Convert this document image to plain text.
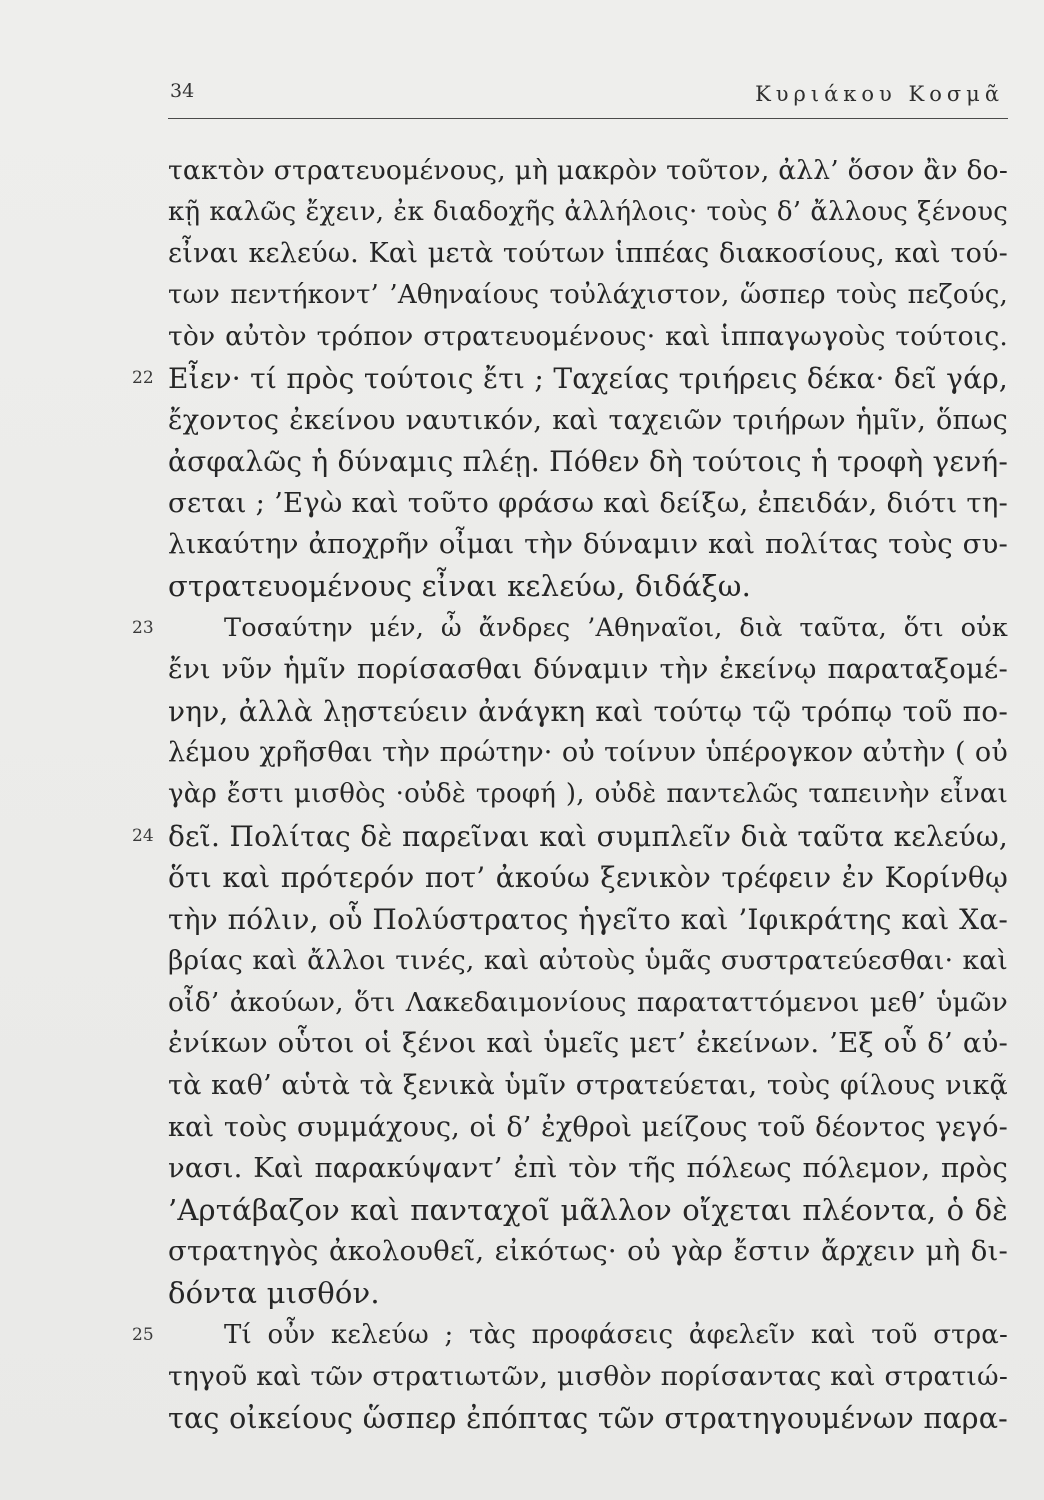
34	Κυριάκου Κοσμᾶ
τακτὸν στρατευομένους, μὴ μακρὸν τοῦτον, ἀλλ’ ὅσον ἂν δο-
κῇ καλῶς ἔχειν, ἐκ διαδοχῆς ἀλλήλοις· τοὺς δ’ ἄλλους ξένους
εἶναι κελεύω. Καὶ μετὰ τούτων ἱππέας διακοσίους, καὶ τού-
των πεντήκοντ’ ’Αθηναίους τοὐλάχιστον, ὥσπερ τοὺς πεζούς,
τὸν αὐτὸν τρόπον στρατευομένους· καὶ ἱππαγωγοὺς τούτοις.
22 Εἶεν· τί πρὸς τούτοις ἔτι ; Ταχείας τριήρεις δέκα· δεῖ γάρ,
ἔχοντος ἐκείνου ναυτικόν, καὶ ταχειῶν τριήρων ἡμῖν, ὅπως
ἀσφαλῶς ἡ δύναμις πλέῃ. Πόθεν δὴ τούτοις ἡ τροφὴ γενή-
σεται ; ’Εγὼ καὶ τοῦτο φράσω καὶ δείξω, ἐπειδάν, διότι τη-
λικαύτην ἀποχρῆν οἶμαι τὴν δύναμιν καὶ πολίτας τοὺς συ-
στρατευομένους εἶναι κελεύω, διδάξω.
23	Τοσαύτην μέν, ὦ ἄνδρες ’Αθηναῖοι, διὰ ταῦτα, ὅτι οὐκ
ἔνι νῦν ἡμῖν πορίσασθαι δύναμιν τὴν ἐκείνῳ παραταξομέ-
νην, ἀλλὰ λῃστεύειν ἀνάγκη καὶ τούτῳ τῷ τρόπῳ τοῦ πο-
λέμου χρῆσθαι τὴν πρώτην· οὐ τοίνυν ὑπέρογκον αὐτὴν ( οὐ
γὰρ ἔστι μισθὸς ·οὐδὲ τροφή ), οὐδὲ παντελῶς ταπεινὴν εἶναι
24 δεῖ. Πολίτας δὲ παρεῖναι καὶ συμπλεῖν διὰ ταῦτα κελεύω,
ὅτι καὶ πρότερόν ποτ’ ἀκούω ξενικὸν τρέφειν ἐν Κορίνθῳ
τὴν πόλιν, οὗ Πολύστρατος ἡγεῖτο καὶ ’Ιφικράτης καὶ Χα-
βρίας καὶ ἄλλοι τινές, καὶ αὐτοὺς ὑμᾶς συστρατεύεσθαι· καὶ
οἶδ’ ἀκούων, ὅτι Λακεδαιμονίους παραταττόμενοι μεθ’ ὑμῶν
ἐνίκων οὗτοι οἱ ξένοι καὶ ὑμεῖς μετ’ ἐκείνων. ’Εξ οὗ δ’ αὐ-
τὰ καθ’ αὑτὰ τὰ ξενικὰ ὑμῖν στρατεύεται, τοὺς φίλους νικᾷ
καὶ τοὺς συμμάχους, οἱ δ’ ἐχθροὶ μείζους τοῦ δέοντος γεγό-
νασι. Καὶ παρακύψαντ’ ἐπὶ τὸν τῆς πόλεως πόλεμον, πρὸς
’Αρτάβαζον καὶ πανταχοῖ μᾶλλον οἴχεται πλέοντα, ὁ δὲ
στρατηγὸς ἀκολουθεῖ, εἰκότως· οὐ γὰρ ἔστιν ἄρχειν μὴ δι-
δόντα μισθόν.
25	Τί οὖν κελεύω ; τὰς προφάσεις ἀφελεῖν καὶ τοῦ στρα-
τηγοῦ καὶ τῶν στρατιωτῶν, μισθὸν πορίσαντας καὶ στρατιώ-
τας οἰκείους ὥσπερ ἐπόπτας τῶν στρατηγουμένων παρα-
